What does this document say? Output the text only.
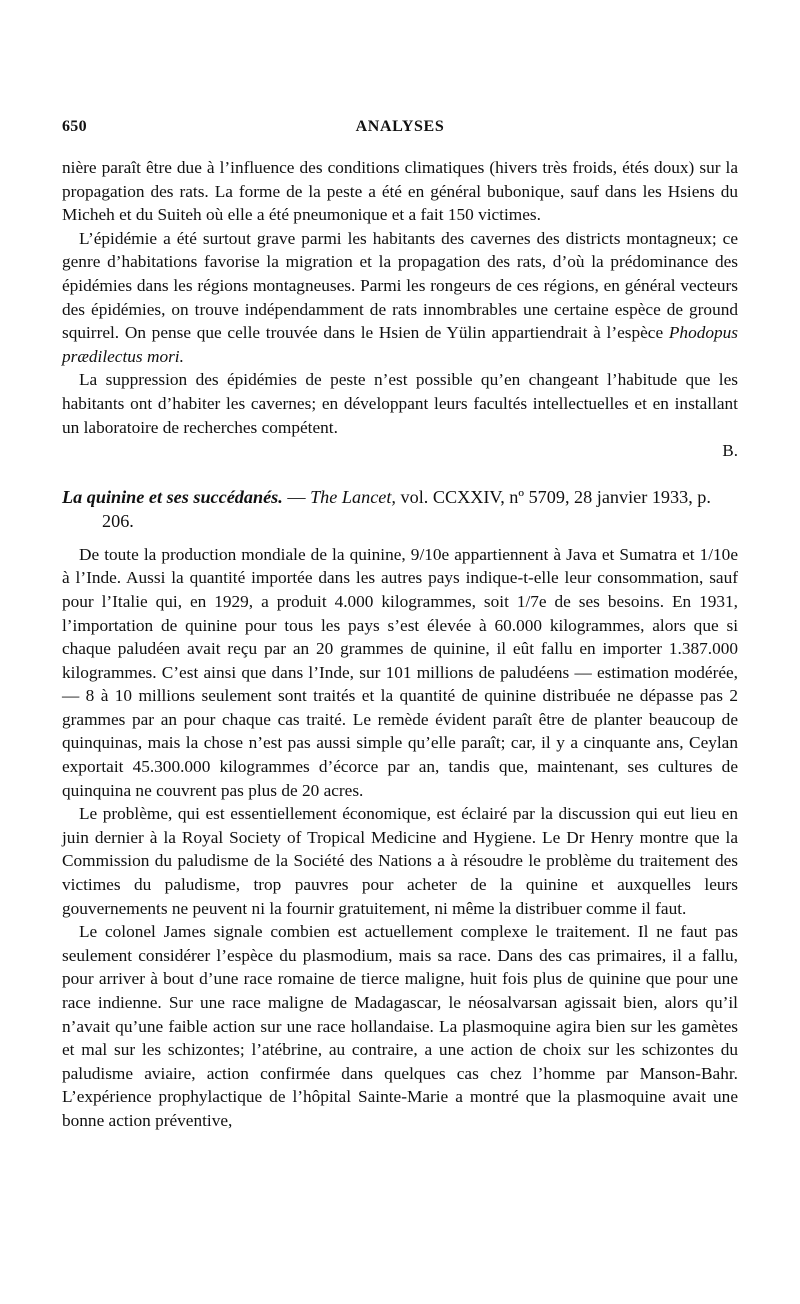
650	ANALYSES

nière paraît être due à l’influence des conditions climatiques (hivers très froids, étés doux) sur la propagation des rats. La forme de la peste a été en général bubonique, sauf dans les Hsiens du Micheh et du Suiteh où elle a été pneumonique et a fait 150 victimes.

L’épidémie a été surtout grave parmi les habitants des cavernes des districts montagneux; ce genre d’habitations favorise la migration et la propagation des rats, d’où la prédominance des épidémies dans les régions montagneuses. Parmi les rongeurs de ces régions, en général vecteurs des épidémies, on trouve indépendamment de rats innombrables une certaine espèce de ground squirrel. On pense que celle trouvée dans le Hsien de Yülin appartiendrait à l’espèce Phodopus prædilectus mori.

La suppression des épidémies de peste n’est possible qu’en changeant l’habitude que les habitants ont d’habiter les cavernes; en développant leurs facultés intellectuelles et en installant un laboratoire de recherches compétent.

B.

La quinine et ses succédanés. — The Lancet, vol. CCXXIV, nº 5709, 28 janvier 1933, p. 206.

De toute la production mondiale de la quinine, 9/10e appartiennent à Java et Sumatra et 1/10e à l’Inde. Aussi la quantité importée dans les autres pays indique-t-elle leur consommation, sauf pour l’Italie qui, en 1929, a produit 4.000 kilogrammes, soit 1/7e de ses besoins. En 1931, l’importation de quinine pour tous les pays s’est élevée à 60.000 kilogrammes, alors que si chaque paludéen avait reçu par an 20 grammes de quinine, il eût fallu en importer 1.387.000 kilogrammes. C’est ainsi que dans l’Inde, sur 101 millions de paludéens — estimation modérée, — 8 à 10 millions seulement sont traités et la quantité de quinine distribuée ne dépasse pas 2 grammes par an pour chaque cas traité. Le remède évident paraît être de planter beaucoup de quinquinas, mais la chose n’est pas aussi simple qu’elle paraît; car, il y a cinquante ans, Ceylan exportait 45.300.000 kilogrammes d’écorce par an, tandis que, maintenant, ses cultures de quinquina ne couvrent pas plus de 20 acres.

Le problème, qui est essentiellement économique, est éclairé par la discussion qui eut lieu en juin dernier à la Royal Society of Tropical Medicine and Hygiene. Le Dr Henry montre que la Commission du paludisme de la Société des Nations a à résoudre le problème du traitement des victimes du paludisme, trop pauvres pour acheter de la quinine et auxquelles leurs gouvernements ne peuvent ni la fournir gratuitement, ni même la distribuer comme il faut.

Le colonel James signale combien est actuellement complexe le traitement. Il ne faut pas seulement considérer l’espèce du plasmodium, mais sa race. Dans des cas primaires, il a fallu, pour arriver à bout d’une race romaine de tierce maligne, huit fois plus de quinine que pour une race indienne. Sur une race maligne de Madagascar, le néosalvarsan agissait bien, alors qu’il n’avait qu’une faible action sur une race hollandaise. La plasmoquine agira bien sur les gamètes et mal sur les schizontes; l’atébrine, au contraire, a une action de choix sur les schizontes du paludisme aviaire, action confirmée dans quelques cas chez l’homme par Manson-Bahr. L’expérience prophylactique de l’hôpital Sainte-Marie a montré que la plasmoquine avait une bonne action préventive,
